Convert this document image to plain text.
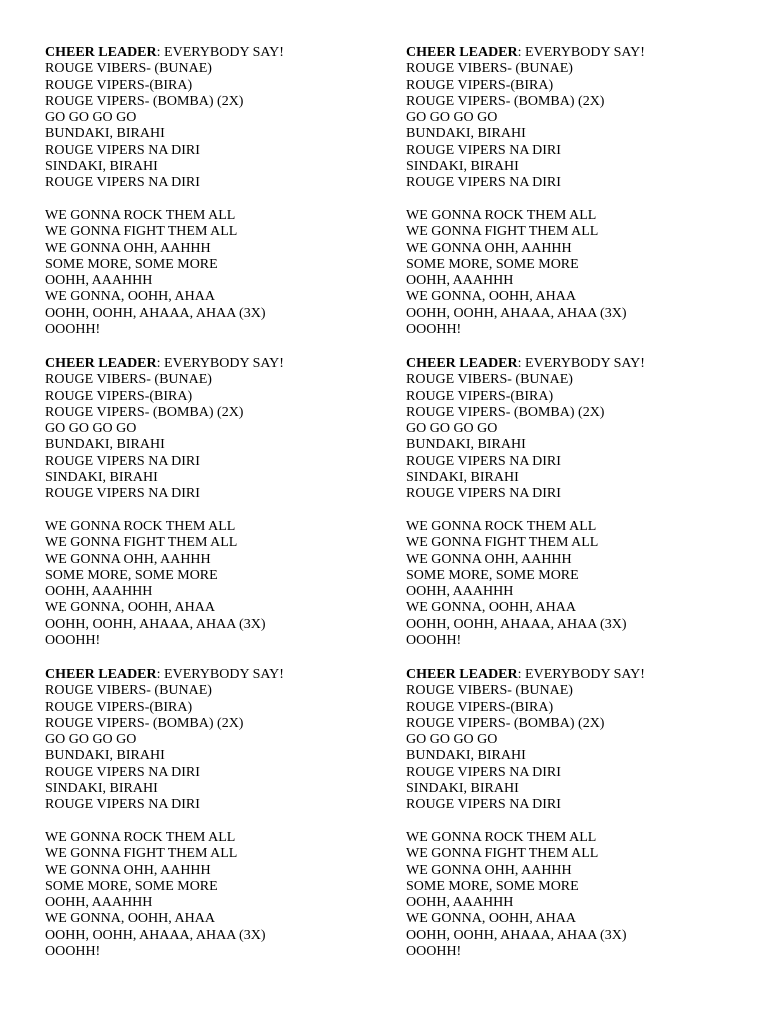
CHEER LEADER: EVERYBODY SAY!
ROUGE VIBERS- (BUNAE)
ROUGE VIPERS-(BIRA)
ROUGE VIPERS- (BOMBA) (2X)
GO GO GO GO
BUNDAKI, BIRAHI
ROUGE VIPERS NA DIRI
SINDAKI, BIRAHI
ROUGE VIPERS NA DIRI
WE GONNA ROCK THEM ALL
WE GONNA FIGHT THEM ALL
WE GONNA OHH, AAHHH
SOME MORE, SOME MORE
OOHH, AAAHHH
WE GONNA, OOHH, AHAA
OOHH, OOHH, AHAAA, AHAA (3X)
OOOHH!
CHEER LEADER: EVERYBODY SAY!
ROUGE VIBERS- (BUNAE)
ROUGE VIPERS-(BIRA)
ROUGE VIPERS- (BOMBA) (2X)
GO GO GO GO
BUNDAKI, BIRAHI
ROUGE VIPERS NA DIRI
SINDAKI, BIRAHI
ROUGE VIPERS NA DIRI
WE GONNA ROCK THEM ALL
WE GONNA FIGHT THEM ALL
WE GONNA OHH, AAHHH
SOME MORE, SOME MORE
OOHH, AAAHHH
WE GONNA, OOHH, AHAA
OOHH, OOHH, AHAAA, AHAA (3X)
OOOHH!
CHEER LEADER: EVERYBODY SAY!
ROUGE VIBERS- (BUNAE)
ROUGE VIPERS-(BIRA)
ROUGE VIPERS- (BOMBA) (2X)
GO GO GO GO
BUNDAKI, BIRAHI
ROUGE VIPERS NA DIRI
SINDAKI, BIRAHI
ROUGE VIPERS NA DIRI
WE GONNA ROCK THEM ALL
WE GONNA FIGHT THEM ALL
WE GONNA OHH, AAHHH
SOME MORE, SOME MORE
OOHH, AAAHHH
WE GONNA, OOHH, AHAA
OOHH, OOHH, AHAAA, AHAA (3X)
OOOHH!
CHEER LEADER: EVERYBODY SAY!
ROUGE VIBERS- (BUNAE)
ROUGE VIPERS-(BIRA)
ROUGE VIPERS- (BOMBA) (2X)
GO GO GO GO
BUNDAKI, BIRAHI
ROUGE VIPERS NA DIRI
SINDAKI, BIRAHI
ROUGE VIPERS NA DIRI
WE GONNA ROCK THEM ALL
WE GONNA FIGHT THEM ALL
WE GONNA OHH, AAHHH
SOME MORE, SOME MORE
OOHH, AAAHHH
WE GONNA, OOHH, AHAA
OOHH, OOHH, AHAAA, AHAA (3X)
OOOHH!
CHEER LEADER: EVERYBODY SAY!
ROUGE VIBERS- (BUNAE)
ROUGE VIPERS-(BIRA)
ROUGE VIPERS- (BOMBA) (2X)
GO GO GO GO
BUNDAKI, BIRAHI
ROUGE VIPERS NA DIRI
SINDAKI, BIRAHI
ROUGE VIPERS NA DIRI
WE GONNA ROCK THEM ALL
WE GONNA FIGHT THEM ALL
WE GONNA OHH, AAHHH
SOME MORE, SOME MORE
OOHH, AAAHHH
WE GONNA, OOHH, AHAA
OOHH, OOHH, AHAAA, AHAA (3X)
OOOHH!
CHEER LEADER: EVERYBODY SAY!
ROUGE VIBERS- (BUNAE)
ROUGE VIPERS-(BIRA)
ROUGE VIPERS- (BOMBA) (2X)
GO GO GO GO
BUNDAKI, BIRAHI
ROUGE VIPERS NA DIRI
SINDAKI, BIRAHI
ROUGE VIPERS NA DIRI
WE GONNA ROCK THEM ALL
WE GONNA FIGHT THEM ALL
WE GONNA OHH, AAHHH
SOME MORE, SOME MORE
OOHH, AAAHHH
WE GONNA, OOHH, AHAA
OOHH, OOHH, AHAAA, AHAA (3X)
OOOHH!
